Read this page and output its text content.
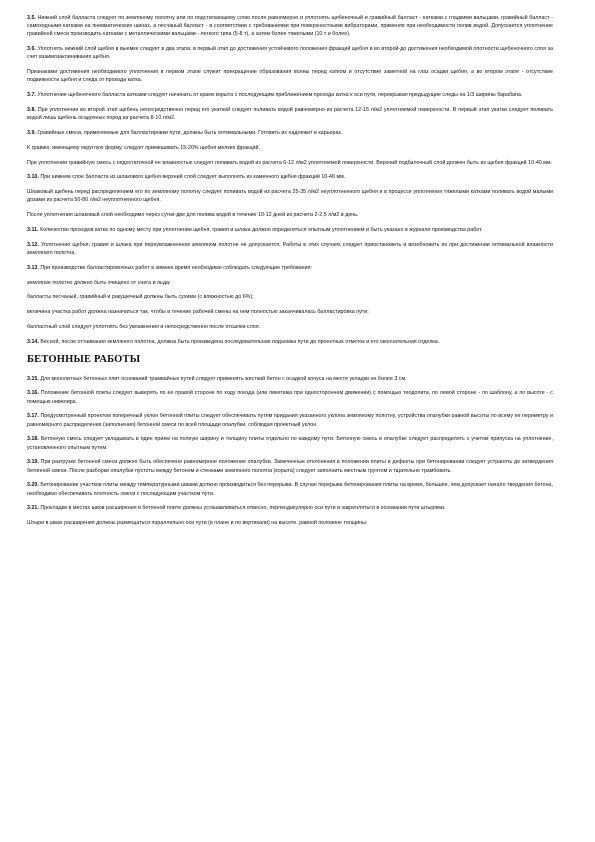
3.5. Нижний слой балласта следует по земляному полотну или по подстилающему слою после равномерно и уплотнять щебеночный и гравийный балласт - катками с гладкими вальцами, гравийный балласт - самоходными катками на пневматических шинах, а песчаный балласт - в соответствии с требованиями при поверхностными вибраторами, применяя при необходимости полив водой. Допускается уплотнение гравийной смеси производить катками с металлическими вальцами - легкого типа (5-8 т), а затем более тяжелыми (10 т и более).
3.6. Уплотнять нижний слой щебня в выемке следует в два этапа: в первый этап до достижения устойчивого положения фракций щебня и во второй-до достижения необходимой плотности щебеночного слоя за счет взаимозаклинивания щебня.
Признаками достижения необходимого уплотнения в первом этапе служит прекращение образования волны перед катком и отсутствие заметной на глаз осадки щебня, а во втором этапе - отсутствие подвижности щебня и следа от прохода катка.
3.7. Уплотнение щебеночного балласта катками следует начинать от краев корыта с последующим приближением прохода катка к оси пути, перекрывая предыдущие следы на 1/3 ширины барабана.
3.8. При уплотнении во второй этап щебень непосредственно перед его укаткой следует поливать водой равномерно из расчета 12-15 л/м2 уплотняемой поверхности. В первый этап укатки следует поливать водой лишь щебень осадочных пород из расчета 8-10 л/м2.
3.9. Гравийные смеси, применяемые для балластировки пути, должны быть оптимальными. Готовить их надлежит в карьерах.
К гравию, имеющему округлую форму, следует примешивать 15-20% щебня мелких фракций.
При уплотнении гравийную смесь с недостаточной ее влажностью следует поливать водой из расчета 6-12 л/м2 уплотняемой поверхности. Верхний подбалочный слой должен быть из щебня фракций 10-40 мм.
3.10. При нижнем слое балласта из шлакового щебня верхний слой следует выполнять из каменного щебня фракций 10-40 мм.
Шлаковый щебень перед распределением его по земляному полотну следует поливать водой из расчета 25-35 л/м2 неуплотненного щебня и в процессе уплотнения тяжелыми катками поливать водой малыми дозами из расчета 50-80 л/м2 неуплотненного щебня.
После уплотнения шлаковый слой необходимо через сутки-две для полива водой в течение 10-12 дней из расчета 2-2,5 л/м2 в день.
3.11. Количество проходов катка по одному месту при уплотнении щебня, гравия и шлака должно определяться опытным уплотнением и быть указано в журнале производства работ.
3.12. Уплотнение щебня, гравия и шлака при переувлажненном земляном полотне не допускается. Работы в этих случаях следует приостановить и возобновить их при достижении оптимальной влажности земляного полотна.
3.13. При производстве балластировочных работ в зимнее время необходимо соблюдать следующие требования:
земляное полотно должно быть очищено от снега и льда;
балласты песчаный, гравийный и ракушечный должны быть сухими (с влажностью до 6%);
величина участка работ должна назначаться так, чтобы в течение рабочей смены на нем полностью заканчивалась балластировка пути;
балластный слой следует уплотнять без увлажнения и непосредственно после отсыпки слоя.
3.14. Весной, после оттаивания земляного полотна, должна быть произведена последовательная подъемка пути до проектных отметок и его окончательная отделка.
БЕТОННЫЕ РАБОТЫ
3.15. Для монолитных бетонных плит оснований трамвайных путей следует применять жесткий бетон с осадкой конуса на месте укладки не более 3 см.
3.16. Положение бетонной плиты следует выверять по ее правой стороне по ходу поезда (или пикетажа при одностороннем движении) с помощью теодолита, по левой стороне - по шаблону, а по высоте - с помощью нивелира.
3.17. Предусмотренный проектом поперечный уклон бетонной плиты следует обеспечивать путем придания указанного уклона земляному полотну, устройства опалубки равной высоты по всему ее периметру и равномерного распределения (заполнения) бетонной смеси по всей площади опалубки, соблюдая проектный уклон.
3.18. Бетонную смесь следует укладывать в один прием на полную ширину и толщину плиты отдельно по каждому пути. Бетонную смесь в опалубке следует распределять с учетом припуска на уплотнение, установленного опытным путем.
3.19. При разгрузке бетонной смеси должно быть обеспечено равномерное положение опалубки. Замеченные отклонения в положении плиты и дефекты при бетонировании следует устранять до затвердения бетонной смеси. После разборки опалубки пустоты между бетоном и стенками земляного полотна (корыта) следует заполнить местным грунтом и тщательно трамбовать.
3.20. Бетонирование участков плиты между температурными швами должно производиться без перерыва. В случае перерыва бетонирования плиты на время, большее, чем допускает начало твердения бетона, необходимо обеспечивать плотность смеси с последующим участком пути.
3.21. Прокладки в местах швов расширения в бетонной плите должны устанавливаться отвесно, перпендикулярно оси пути и закрепляться в основании пути штырями.
Штыри в швах расширения должны размещаться параллельно оси пути (в плане и по вертикали) на высоте, равной половине толщины
